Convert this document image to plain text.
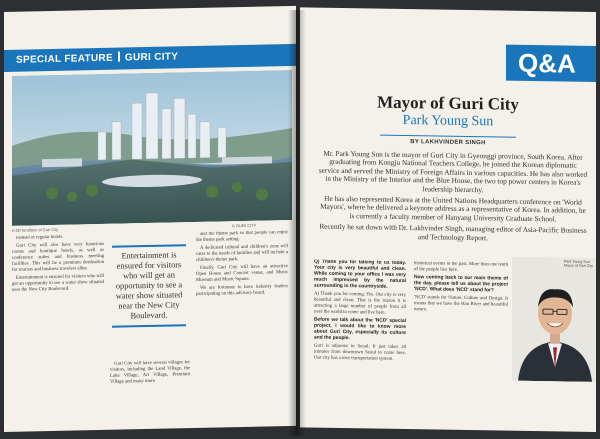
SPECIAL FEATURE GURI CITY
A 3D rendition of Guri City
© GURI CITY

instead of regular hotels.

Guri City will also have very luxurious rooms and boutique hotels, as well as conference suites and business meeting facilities. This will be a premium destination for tourists and business travelers alike.

Entertainment is ensured for visitors who will get an opportunity to see a water show situated near the New City Boulevard.

Entertainment is ensured for visitors who will get an opportunity to see a water show situated near the New City Boulevard.

Guri City will have several villages for visitors, including the Land Village, the Lake Village, Art Village, Premium Village and many more.

and the theme park so that people can enjoy the theme park setting.

A dedicated cultural and children's zone will cater to the needs of families and will include a children's theme park.

Finally, Guri City will have an attractive Open House and Concert venue, and Music Museum and Music Square.

We are fortunate to have industry leaders participating on this advisory board.

Q&A
Mayor of Guri City
Park Young Sun
BY LAKHVINDER SINGH

Mr. Park Young Sun is the mayor of Guri City in Gyeonggi province, South Korea. After graduating from Kongju National Teachers College, he joined the Korean diplomatic service and served the Ministry of Foreign Affairs in various capacities. He has also worked in the Ministry of the Interior and the Blue House, the two top power centers in Korea's leadership hierarchy.

He has also represented Korea at the United Nations Headquarters conference on 'World Mayors', where he delivered a keynote address as a representative of Korea. In addition, he is currently a faculty member of Hanyang University Graduate School.

Recently he sat down with Dr. Lakhvinder Singh, managing editor of Asia-Pacific Business and Technology Report.

Q) Thank you for talking to us today. Your city is very beautiful and clean. While coming to your office I was very much impressed by the natural surrounding in the countryside.

A) Thank you for coming. Yes. Our city is very beautiful and clean. That is the reason it is attracting a large number of people from all over the world to come and live here.

Before we talk about the 'NCD' special project, I would like to know more about Guri City, especially its culture and the people.

Guri is adjacent to Seoul. It just takes 20 minutes from downtown Seoul to come here. Our city has a nice transportation system.

historical events in the past. More than one tenth of the people live here.

Now coming back to our main theme of the day, please tell us about the project 'NCD'. What does 'NCD' stand for?

'NCD' stands for Nature, Culture and Design. It means that we have the Han River and beautiful nature.

Park Young Sun Mayor of Guri City
